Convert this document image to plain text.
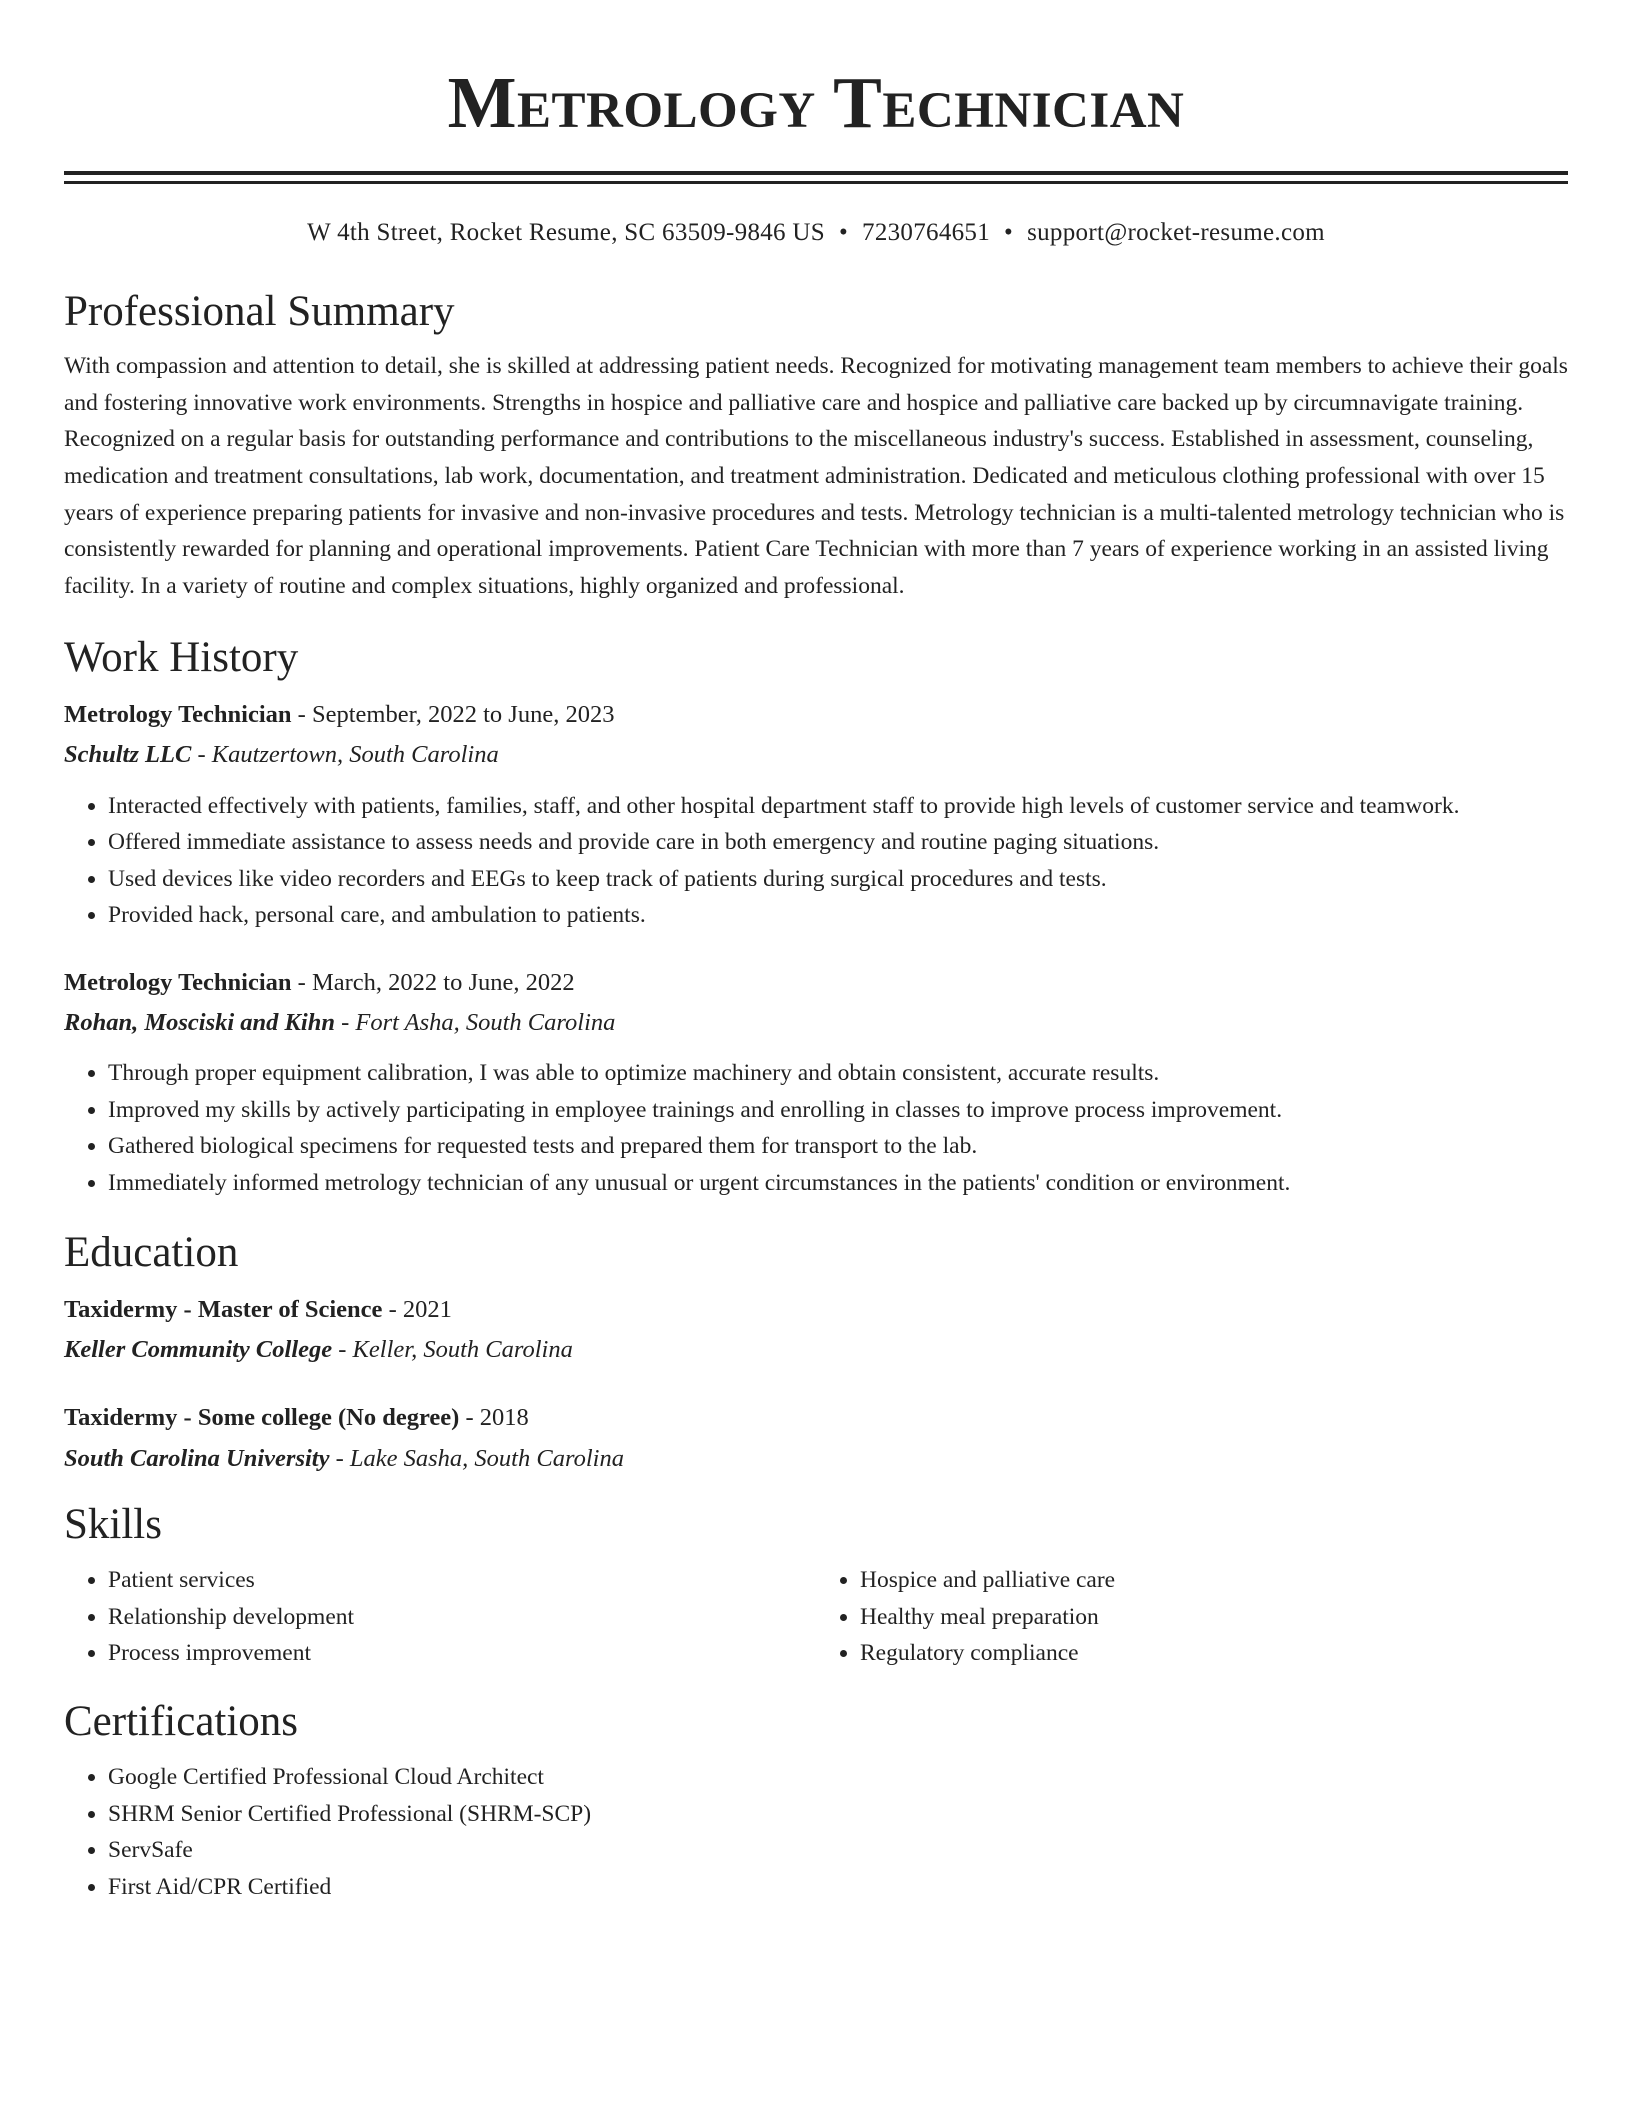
Metrology Technician
W 4th Street, Rocket Resume, SC 63509-9846 US • 7230764651 • support@rocket-resume.com
Professional Summary

With compassion and attention to detail, she is skilled at addressing patient needs. Recognized for motivating management team members to achieve their goals and fostering innovative work environments. Strengths in hospice and palliative care and hospice and palliative care backed up by circumnavigate training. Recognized on a regular basis for outstanding performance and contributions to the miscellaneous industry's success. Established in assessment, counseling, medication and treatment consultations, lab work, documentation, and treatment administration. Dedicated and meticulous clothing professional with over 15 years of experience preparing patients for invasive and non-invasive procedures and tests. Metrology technician is a multi-talented metrology technician who is consistently rewarded for planning and operational improvements. Patient Care Technician with more than 7 years of experience working in an assisted living facility. In a variety of routine and complex situations, highly organized and professional.

Work History
Metrology Technician - September, 2022 to June, 2023
Schultz LLC - Kautzertown, South Carolina
• Interacted effectively with patients, families, staff, and other hospital department staff to provide high levels of customer service and teamwork.
• Offered immediate assistance to assess needs and provide care in both emergency and routine paging situations.
• Used devices like video recorders and EEGs to keep track of patients during surgical procedures and tests.
• Provided hack, personal care, and ambulation to patients.
Metrology Technician - March, 2022 to June, 2022
Rohan, Mosciski and Kihn - Fort Asha, South Carolina
• Through proper equipment calibration, I was able to optimize machinery and obtain consistent, accurate results.
• Improved my skills by actively participating in employee trainings and enrolling in classes to improve process improvement.
• Gathered biological specimens for requested tests and prepared them for transport to the lab.
• Immediately informed metrology technician of any unusual or urgent circumstances in the patients' condition or environment.
Education
Taxidermy - Master of Science - 2021
Keller Community College - Keller, South Carolina
Taxidermy - Some college (No degree) - 2018
South Carolina University - Lake Sasha, South Carolina
Skills
• Patient services
• Relationship development
• Process improvement
• Hospice and palliative care
• Healthy meal preparation
• Regulatory compliance
Certifications
• Google Certified Professional Cloud Architect
• SHRM Senior Certified Professional (SHRM-SCP)
• ServSafe
• First Aid/CPR Certified
